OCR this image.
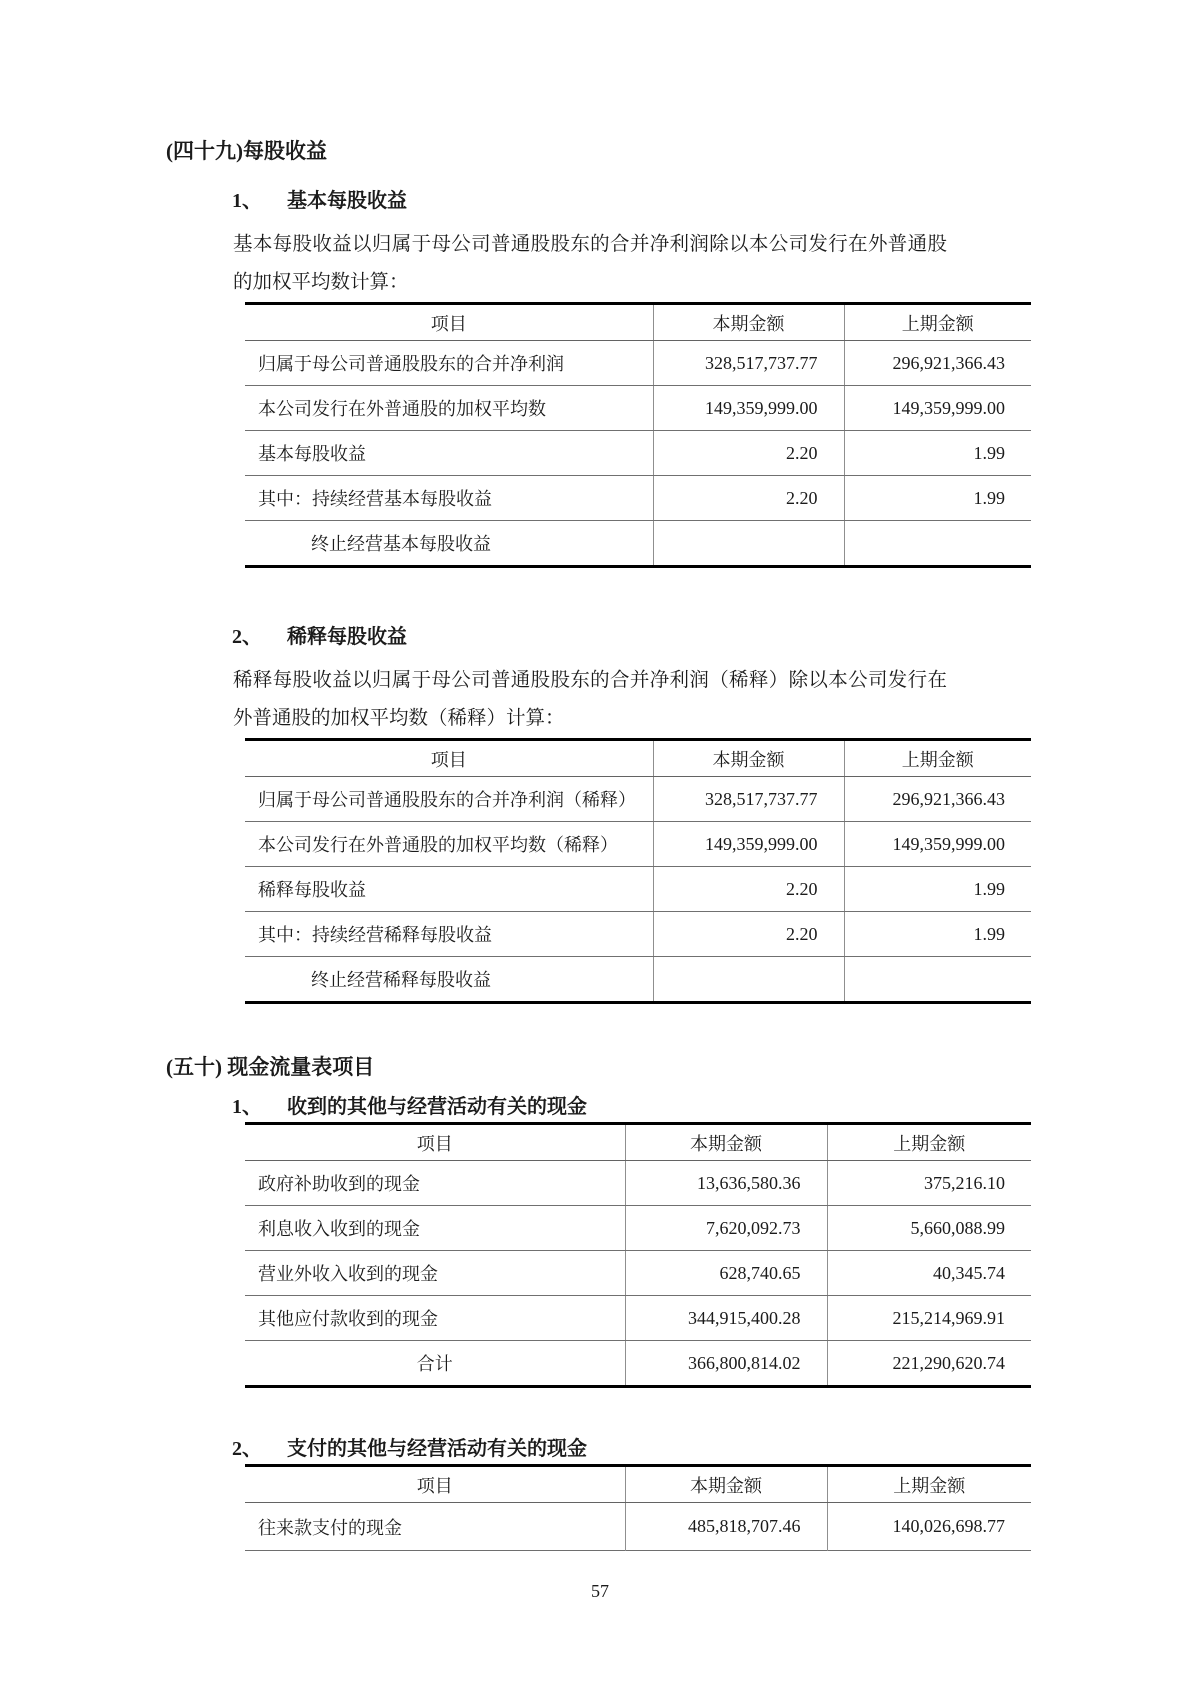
(四十九)每股收益
1、	基本每股收益

基本每股收益以归属于母公司普通股股东的合并净利润除以本公司发行在外普通股的加权平均数计算：

项目	本期金额	上期金额
归属于母公司普通股股东的合并净利润	328,517,737.77	296,921,366.43
本公司发行在外普通股的加权平均数	149,359,999.00	149,359,999.00
基本每股收益	2.20	1.99
其中：持续经营基本每股收益	2.20	1.99
终止经营基本每股收益		
2、	稀释每股收益

稀释每股收益以归属于母公司普通股股东的合并净利润（稀释）除以本公司发行在外普通股的加权平均数（稀释）计算：

项目	本期金额	上期金额
归属于母公司普通股股东的合并净利润（稀释）	328,517,737.77	296,921,366.43
本公司发行在外普通股的加权平均数（稀释）	149,359,999.00	149,359,999.00
稀释每股收益	2.20	1.99
其中：持续经营稀释每股收益	2.20	1.99
终止经营稀释每股收益		
(五十) 现金流量表项目
1、	收到的其他与经营活动有关的现金
项目	本期金额	上期金额
政府补助收到的现金	13,636,580.36	375,216.10
利息收入收到的现金	7,620,092.73	5,660,088.99
营业外收入收到的现金	628,740.65	40,345.74
其他应付款收到的现金	344,915,400.28	215,214,969.91
合计	366,800,814.02	221,290,620.74
2、	支付的其他与经营活动有关的现金
项目	本期金额	上期金额
往来款支付的现金	485,818,707.46	140,026,698.77
57
